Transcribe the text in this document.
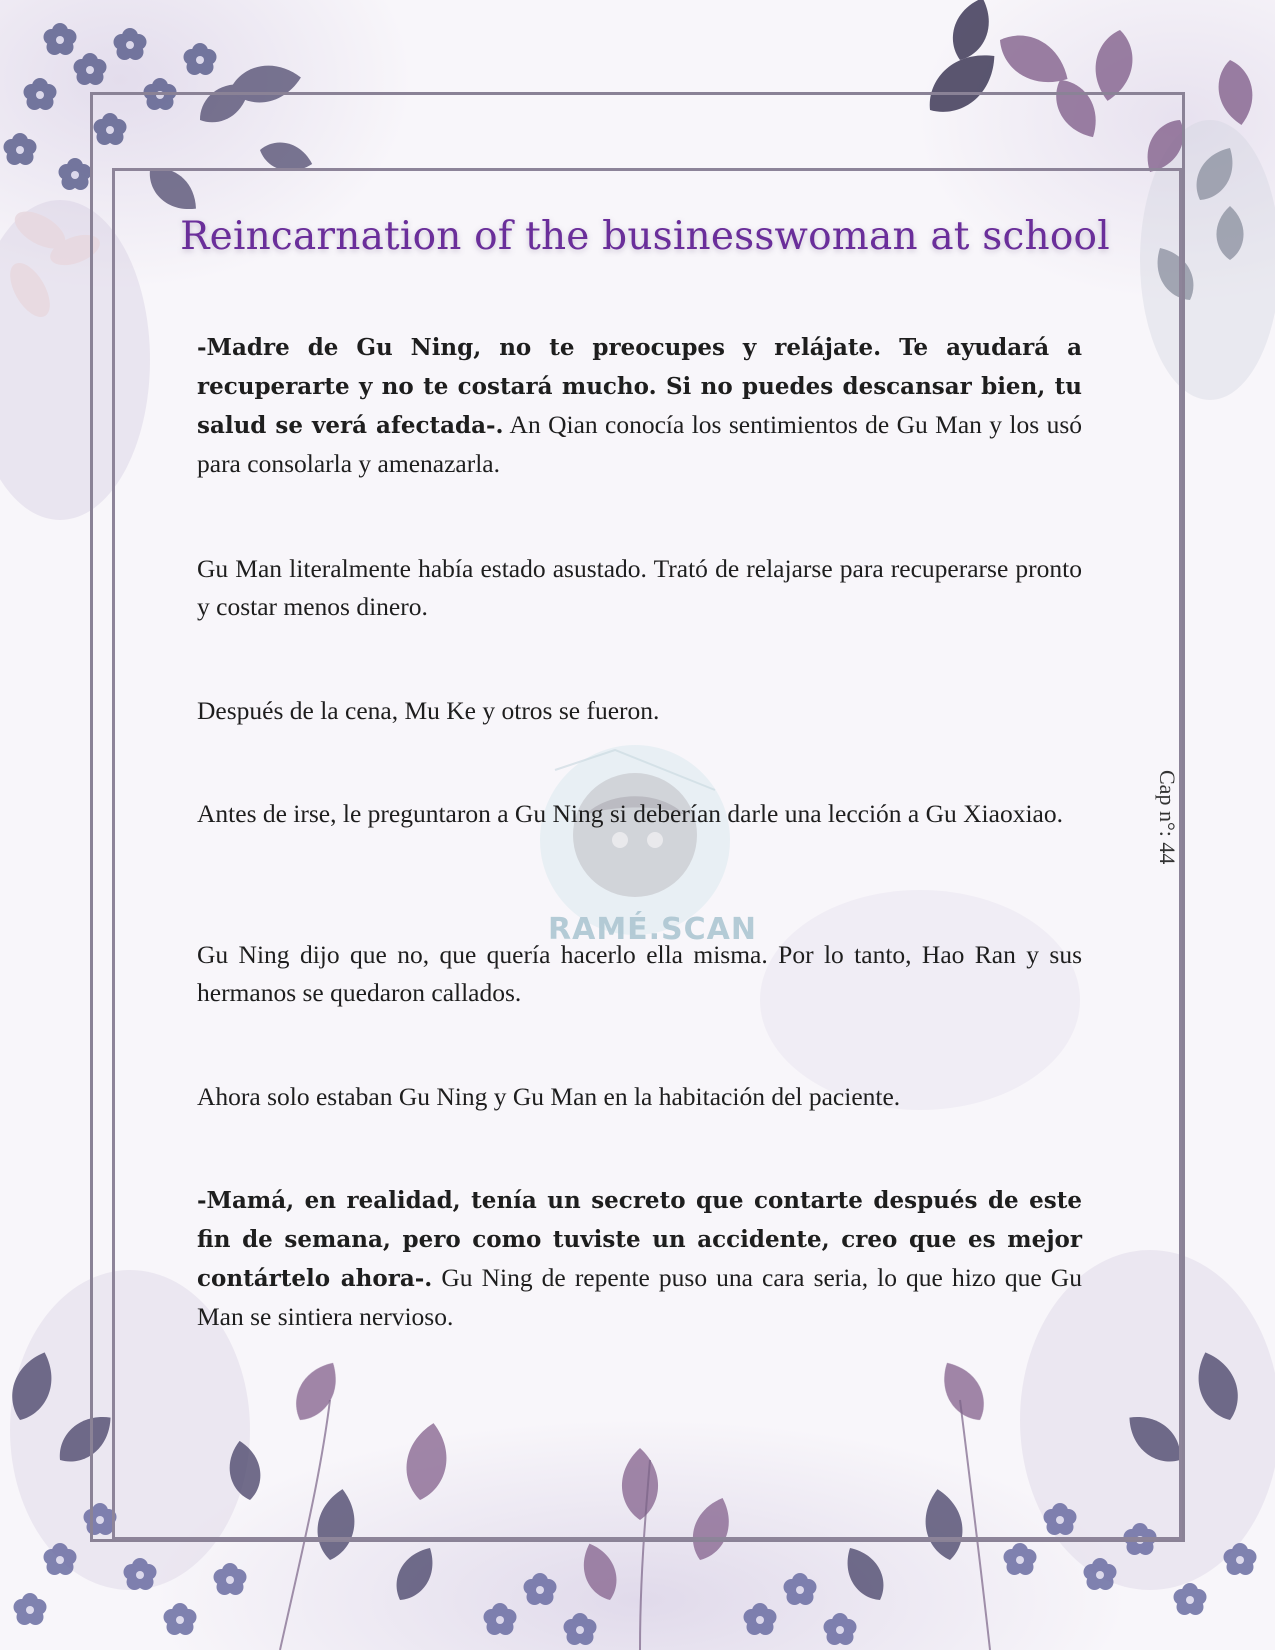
Reincarnation of the businesswoman at school
RAMÉ.SCAN

-Madre de Gu Ning, no te preocupes y relájate. Te ayudará a recuperarte y no te costará mucho. Si no puedes descansar bien, tu salud se verá afectada-. An Qian conocía los sentimientos de Gu Man y los usó para consolarla y amenazarla.

Gu Man literalmente había estado asustado. Trató de relajarse para recuperarse pronto y costar menos dinero.

Después de la cena, Mu Ke y otros se fueron.

Antes de irse, le preguntaron a Gu Ning si deberían darle una lección a Gu Xiaoxiao.

Gu Ning dijo que no, que quería hacerlo ella misma. Por lo tanto, Hao Ran y sus hermanos se quedaron callados.

Ahora solo estaban Gu Ning y Gu Man en la habitación del paciente.

-Mamá, en realidad, tenía un secreto que contarte después de este fin de semana, pero como tuviste un accidente, creo que es mejor contártelo ahora-. Gu Ning de repente puso una cara seria, lo que hizo que Gu Man se sintiera nervioso.

Cap n°: 44
